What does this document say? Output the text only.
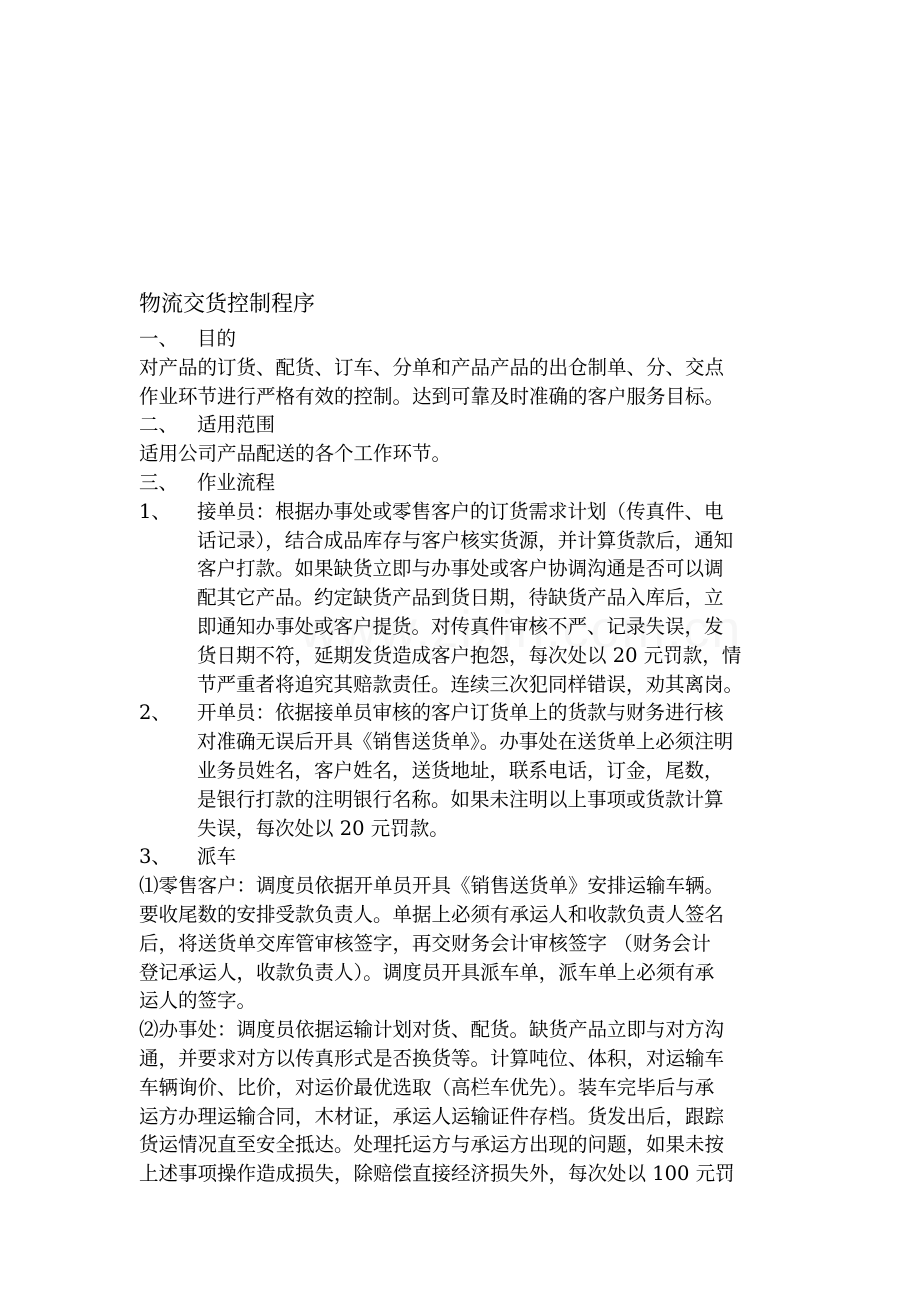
物流交货控制程序
一、 目的
对产品的订货、配货、订车、分单和产品产品的出仓制单、分、交点
作业环节进行严格有效的控制。达到可靠及时准确的客户服务目标。
二、 适用范围
适用公司产品配送的各个工作环节。
三、 作业流程
1、	接单员：根据办事处或零售客户的订货需求计划（传真件、电
话记录），结合成品库存与客户核实货源，并计算货款后，通知
客户打款。如果缺货立即与办事处或客户协调沟通是否可以调
配其它产品。约定缺货产品到货日期，待缺货产品入库后，立
即通知办事处或客户提货。对传真件审核不严、记录失误，发
货日期不符，延期发货造成客户抱怨，每次处以 20 元罚款，情
节严重者将追究其赔款责任。连续三次犯同样错误，劝其离岗。
2、	开单员：依据接单员审核的客户订货单上的货款与财务进行核
对准确无误后开具《销售送货单》。办事处在送货单上必须注明
业务员姓名，客户姓名，送货地址，联系电话，订金，尾数，
是银行打款的注明银行名称。如果未注明以上事项或货款计算
失误，每次处以 20 元罚款。
3、	派车
⑴零售客户：调度员依据开单员开具《销售送货单》安排运输车辆。
要收尾数的安排受款负责人。单据上必须有承运人和收款负责人签名
后，将送货单交库管审核签字，再交财务会计审核签字 （财务会计
登记承运人，收款负责人）。调度员开具派车单，派车单上必须有承
运人的签字。
⑵办事处：调度员依据运输计划对货、配货。缺货产品立即与对方沟
通，并要求对方以传真形式是否换货等。计算吨位、体积，对运输车
车辆询价、比价，对运价最优选取（高栏车优先）。装车完毕后与承
运方办理运输合同，木材证，承运人运输证件存档。货发出后，跟踪
货运情况直至安全抵达。处理托运方与承运方出现的问题，如果未按
上述事项操作造成损失，除赔偿直接经济损失外，每次处以 100 元罚
